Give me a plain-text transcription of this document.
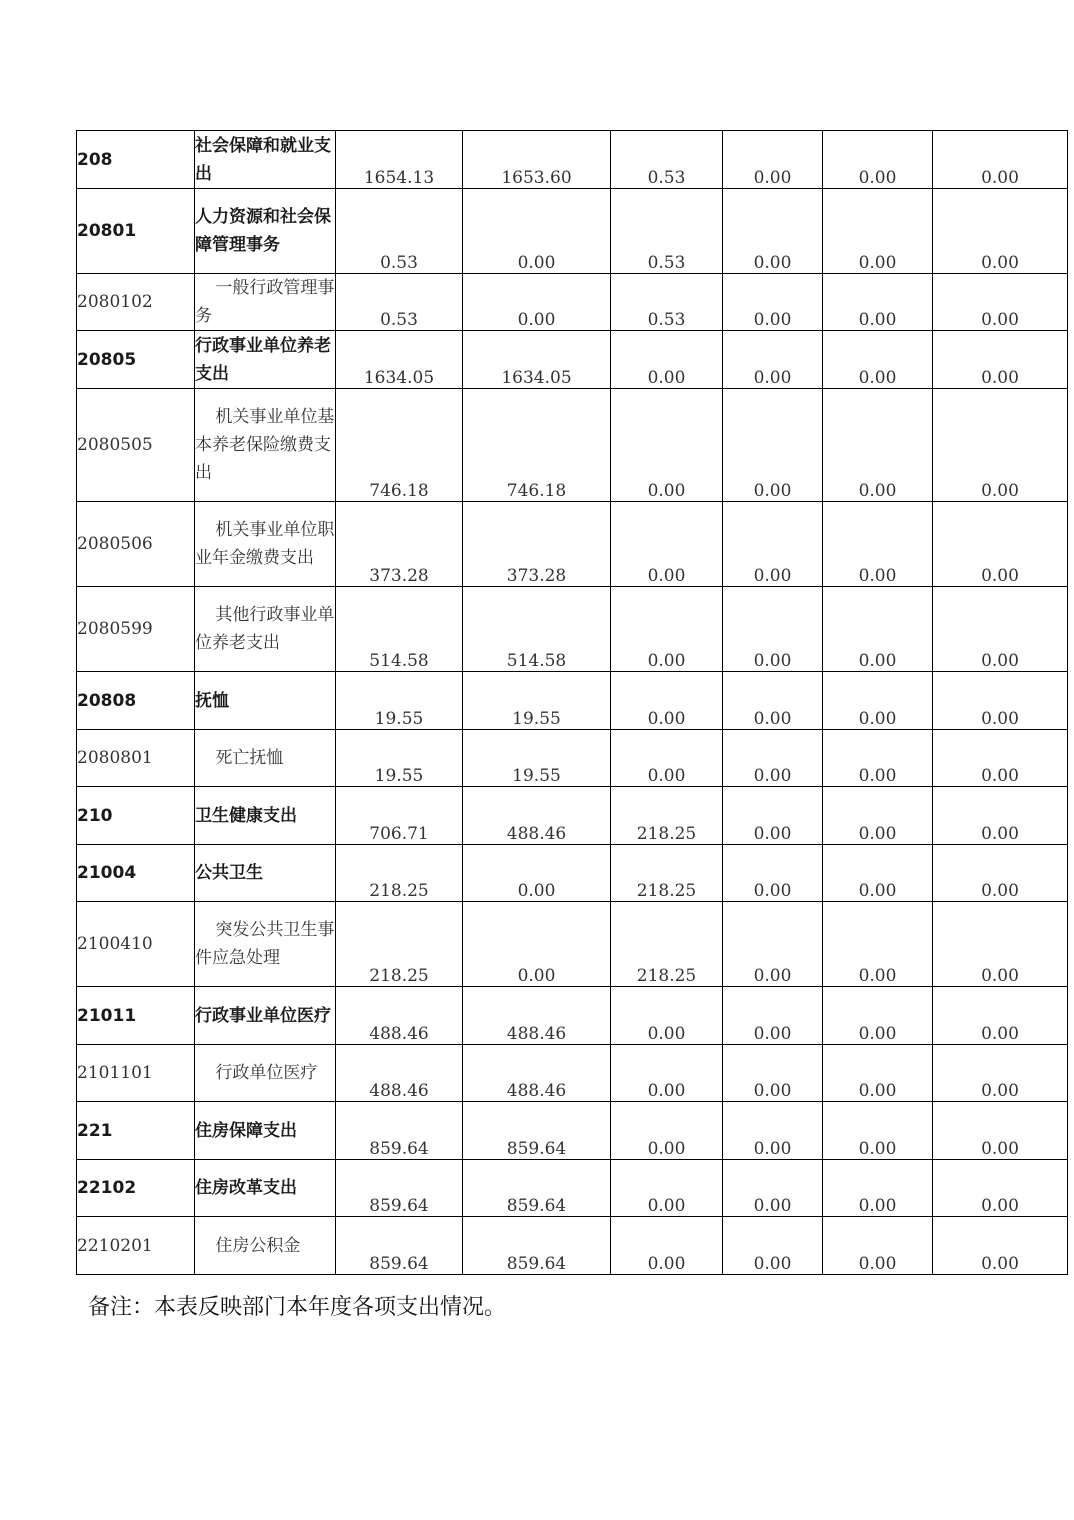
208	社会保障和就业支出	1654.13	1653.60	0.53	0.00	0.00	0.00
20801	人力资源和社会保障管理事务	0.53	0.00	0.53	0.00	0.00	0.00
2080102	一般行政管理事务	0.53	0.00	0.53	0.00	0.00	0.00
20805	行政事业单位养老支出	1634.05	1634.05	0.00	0.00	0.00	0.00
2080505	机关事业单位基本养老保险缴费支出	746.18	746.18	0.00	0.00	0.00	0.00
2080506	机关事业单位职业年金缴费支出	373.28	373.28	0.00	0.00	0.00	0.00
2080599	其他行政事业单位养老支出	514.58	514.58	0.00	0.00	0.00	0.00
20808	抚恤	19.55	19.55	0.00	0.00	0.00	0.00
2080801	死亡抚恤	19.55	19.55	0.00	0.00	0.00	0.00
210	卫生健康支出	706.71	488.46	218.25	0.00	0.00	0.00
21004	公共卫生	218.25	0.00	218.25	0.00	0.00	0.00
2100410	突发公共卫生事件应急处理	218.25	0.00	218.25	0.00	0.00	0.00
21011	行政事业单位医疗	488.46	488.46	0.00	0.00	0.00	0.00
2101101	行政单位医疗	488.46	488.46	0.00	0.00	0.00	0.00
221	住房保障支出	859.64	859.64	0.00	0.00	0.00	0.00
22102	住房改革支出	859.64	859.64	0.00	0.00	0.00	0.00
2210201	住房公积金	859.64	859.64	0.00	0.00	0.00	0.00
备注：本表反映部门本年度各项支出情况。
